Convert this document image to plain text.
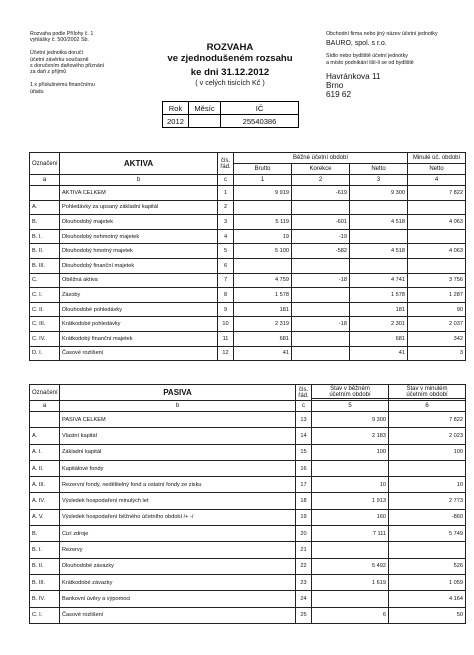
Rozvaha podle Přílohy č. 1
vyhlášky č. 500/2002 Sb.
Účetní jednotka doručí
účetní závěrku současně
s doručením daňového přiznání
za daň z příjmů
1 x příslušnému finančnímu
úřadu
ROZVAHA
ve zjednodušeném rozsahu
ke dni 31.12.2012
( v celých tisících Kč )
Obchodní firma nebo jiný název účetní jednotky
BAURO, spol. s r.o.
Sídlo nebo bydliště účetní jednotky
a místo podnikání liší-li se od bydliště
Havránkova 11
Brno
619 62
Rok	Měsíc	IČ
2012		25540386
Označení	AKTIVA	čís.
řád.	Běžné účetní období			Minulé úč. období
			Brutto	Korekce	Netto	Netto
a	b	c	1	2	3	4
	AKTIVA CELKEM	1	9 919	-619	9 300	7 822
A.	Pohledávky za upsaný základní kapitál	2				
B.	Dlouhodobý majetek	3	5 119	-601	4 518	4 063
B. I.	Dlouhodobý nehmotný majetek	4	19	-19		
B. II.	Dlouhodobý hmotný majetek	5	5 100	-582	4 518	4 063
B. III.	Dlouhodobý finanční majetek	6				
C.	Oběžná aktiva	7	4 759	-18	4 741	3 756
C. I.	Zásoby	8	1 578		1 578	1 287
C. II.	Dlouhodobé pohledávky	9	181		181	90
C. III.	Krátkodobé pohledávky	10	2 319	-18	2 301	2 037
C. IV.	Krátkodobý finanční majetek	11	681		681	342
D. I.	Časové rozlišení	12	41		41	3
Označení	PASIVA	čís.
řád.	Stav v běžném
účetním období	Stav v minulém
účetním období

a	b	c	5	6
	PASIVA CELKEM	13	9 300	7 822
A.	Vlastní kapitál	14	2 183	2 023
A. I.	Základní kapitál	15	100	100
A. II.	Kapitálové fondy	16		
A. III.	Rezervní fondy, nedělitelný fond a ostatní fondy ze zisku	17	10	10
A. IV.	Výsledek hospodaření minulých let	18	1 913	2 773
A. V.	Výsledek hospodaření běžného účetního období /+ -/	19	160	-860
B.	Cizí zdroje	20	7 111	5 749
B. I.	Rezervy	21		
B. II.	Dlouhodobé závazky	22	5 492	526
B. III.	Krátkodobé závazky	23	1 619	1 059
B. IV.	Bankovní úvěry a výpomoci	24		4 164
C. I.	Časové rozlišení	25	6	50
